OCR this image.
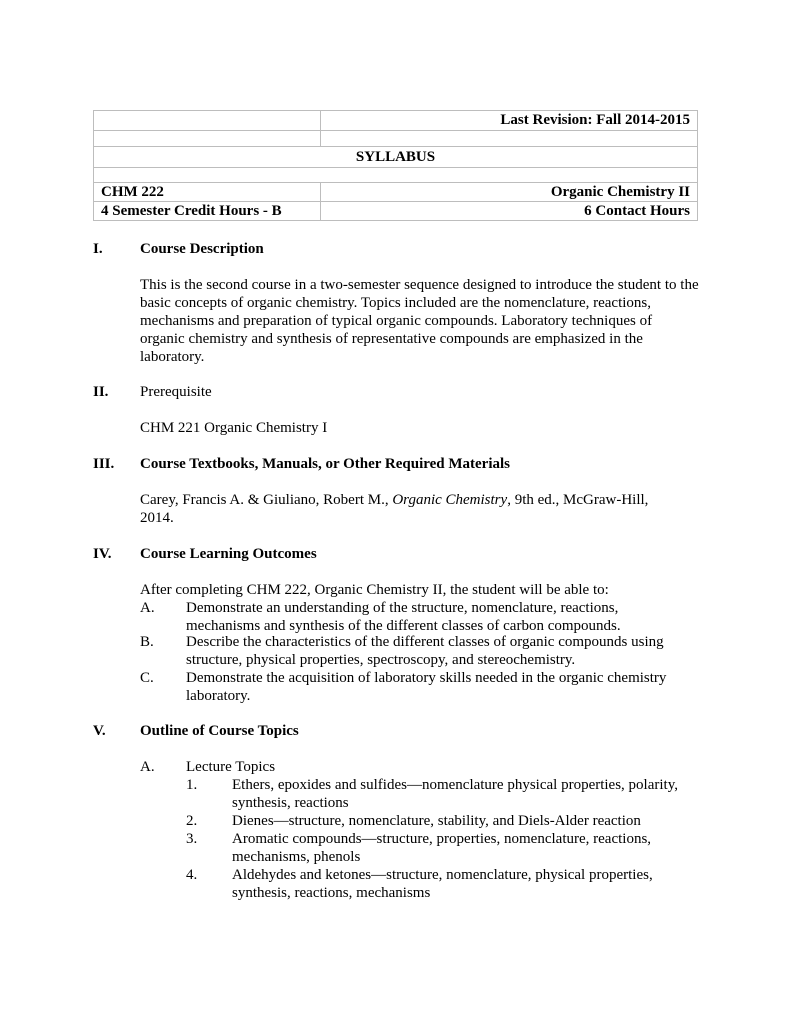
	Last Revision: Fall 2014-2015

SYLLABUS	

CHM 222	Organic Chemistry II
4 Semester Credit Hours - B	6 Contact Hours
I. Course Description
This is the second course in a two-semester sequence designed to introduce the student to the basic concepts of organic chemistry. Topics included are the nomenclature, reactions, mechanisms and preparation of typical organic compounds. Laboratory techniques of organic chemistry and synthesis of representative compounds are emphasized in the laboratory.
II. Prerequisite
CHM 221 Organic Chemistry I
III. Course Textbooks, Manuals, or Other Required Materials
Carey, Francis A. & Giuliano, Robert M., Organic Chemistry, 9th ed., McGraw-Hill, 2014.
IV. Course Learning Outcomes
After completing CHM 222, Organic Chemistry II, the student will be able to:
A. Demonstrate an understanding of the structure, nomenclature, reactions, mechanisms and synthesis of the different classes of carbon compounds.
B. Describe the characteristics of the different classes of organic compounds using structure, physical properties, spectroscopy, and stereochemistry.
C. Demonstrate the acquisition of laboratory skills needed in the organic chemistry laboratory.
V. Outline of Course Topics
A. Lecture Topics
1. Ethers, epoxides and sulfides—nomenclature physical properties, polarity, synthesis, reactions
2. Dienes—structure, nomenclature, stability, and Diels-Alder reaction
3. Aromatic compounds—structure, properties, nomenclature, reactions, mechanisms, phenols
4. Aldehydes and ketones—structure, nomenclature, physical properties, synthesis, reactions, mechanisms
